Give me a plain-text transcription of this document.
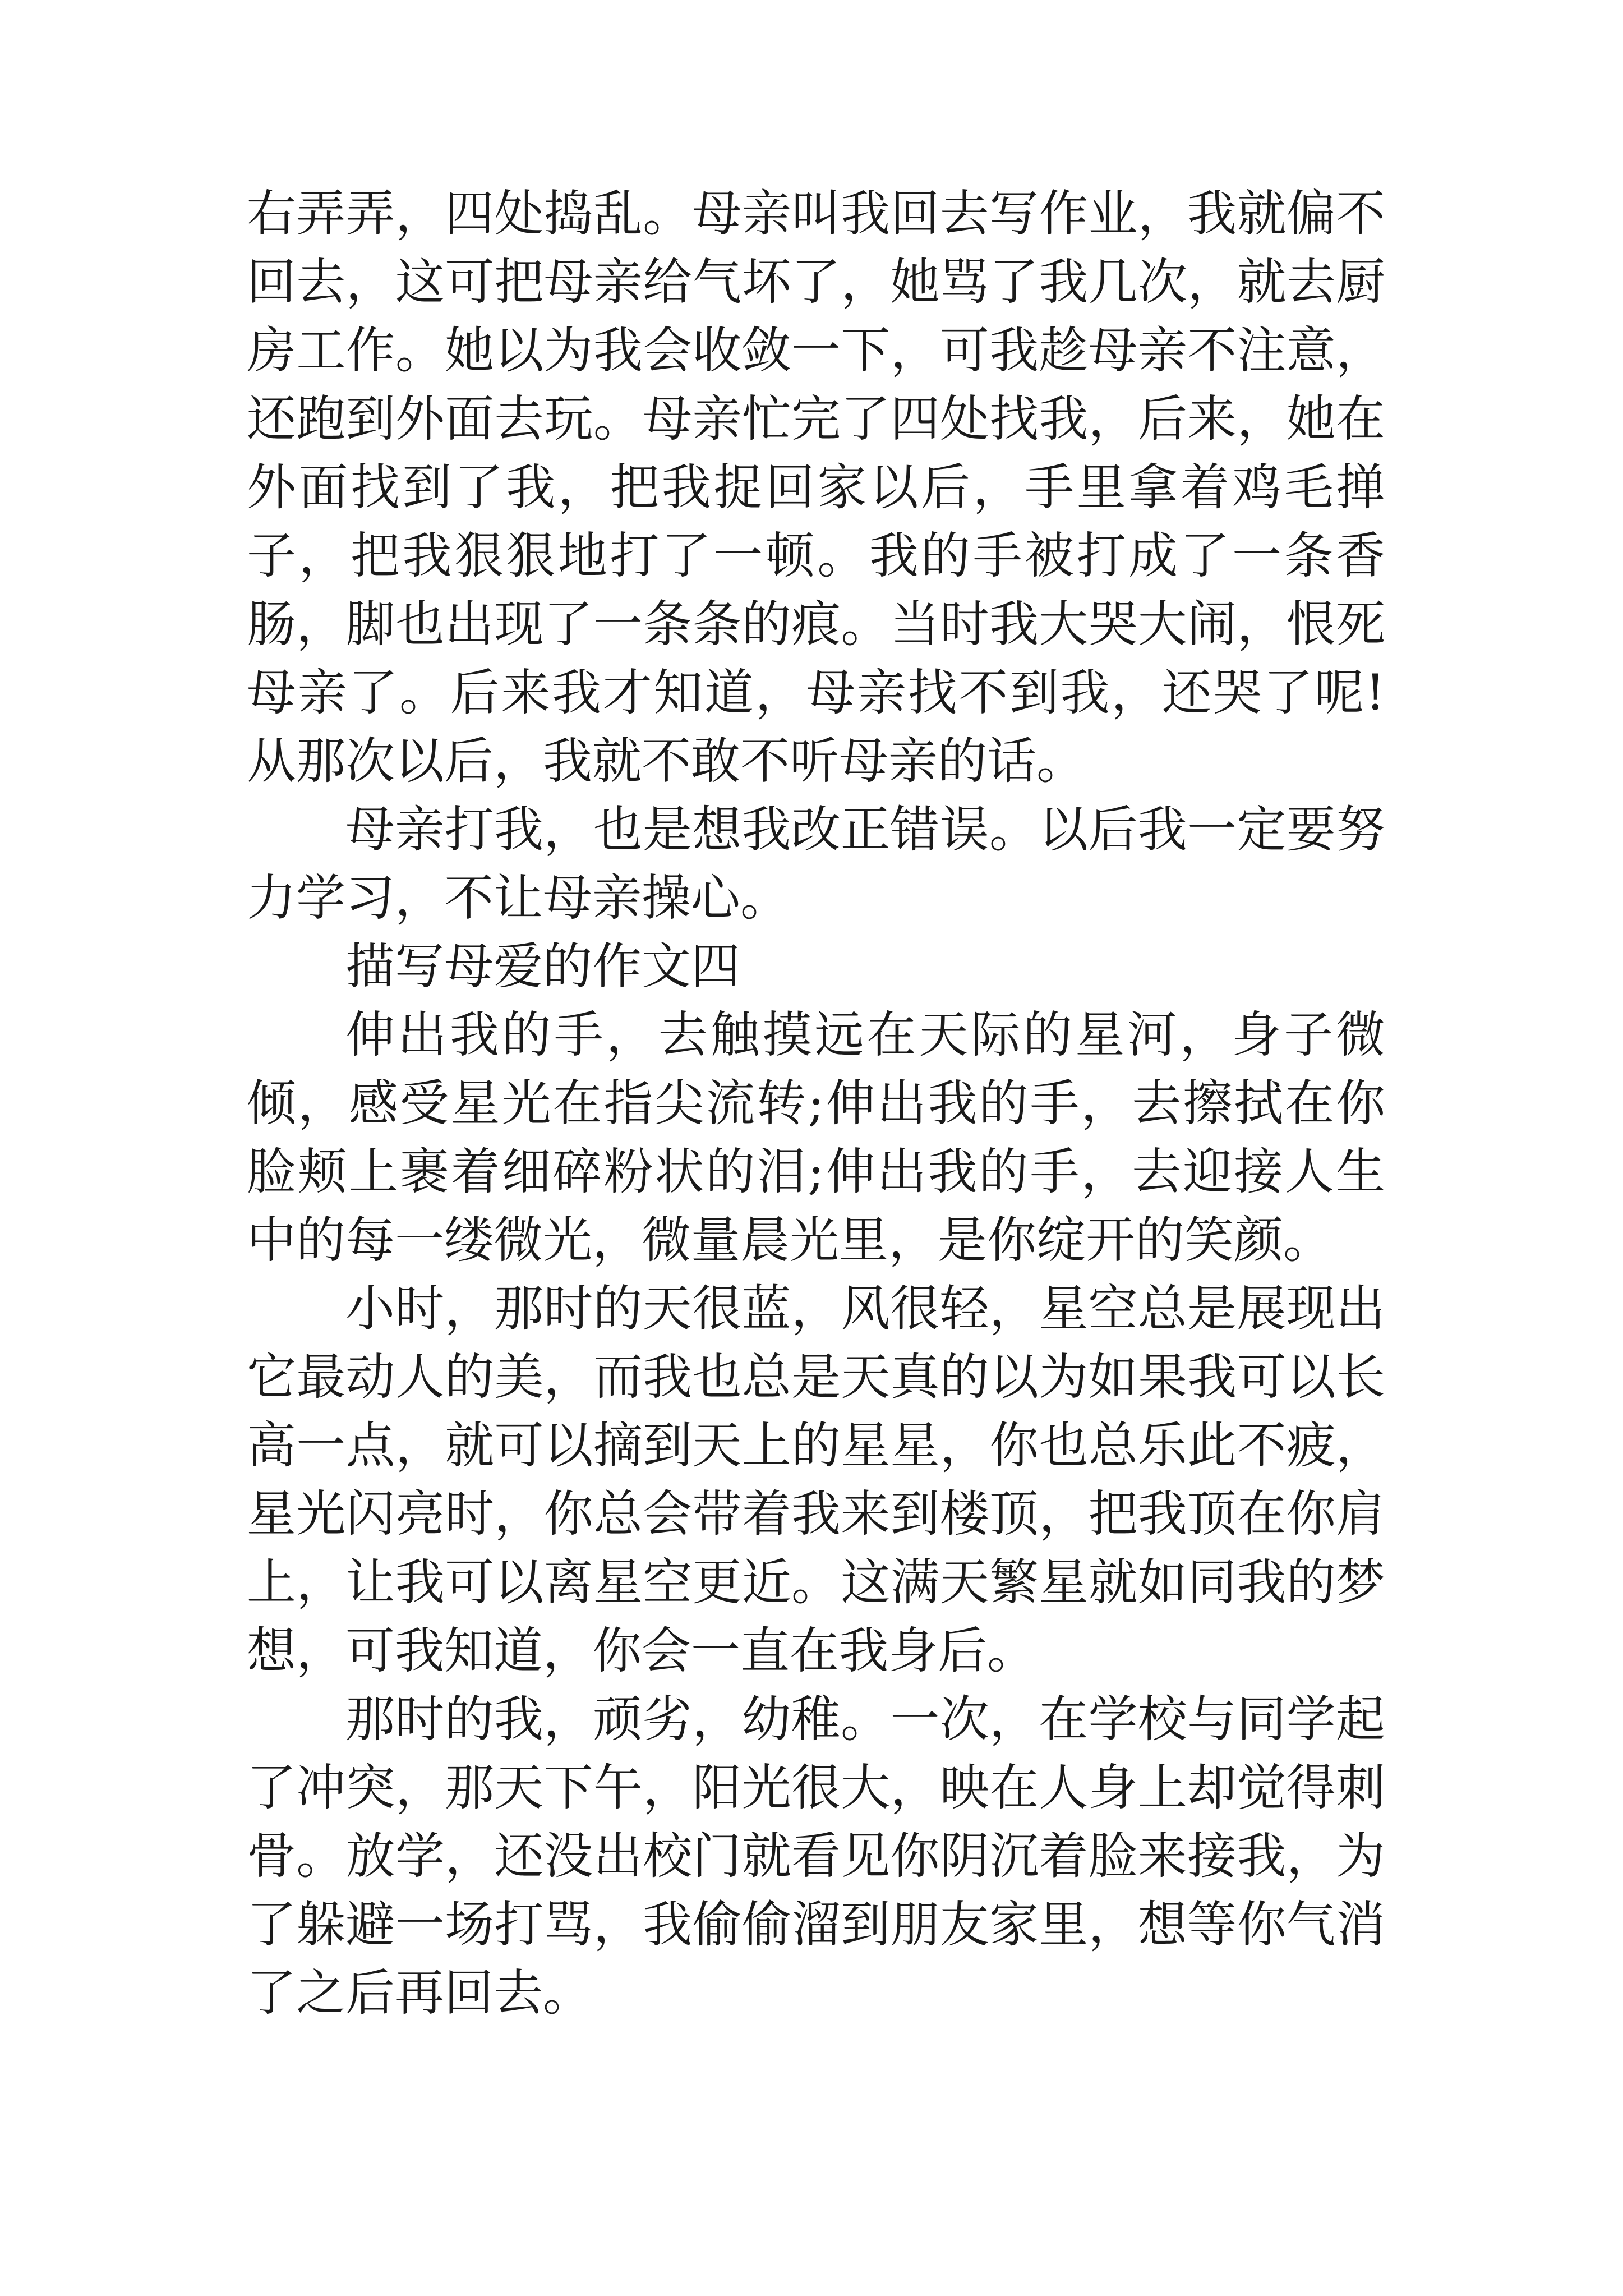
右弄弄，四处捣乱。母亲叫我回去写作业，我就偏不回去，这可把母亲给气坏了，她骂了我几次，就去厨房工作。她以为我会收敛一下，可我趁母亲不注意，还跑到外面去玩。母亲忙完了四处找我，后来，她在外面找到了我，把我捉回家以后，手里拿着鸡毛掸子，把我狠狠地打了一顿。我的手被打成了一条香肠，脚也出现了一条条的痕。当时我大哭大闹，恨死母亲了。后来我才知道，母亲找不到我，还哭了呢!从那次以后，我就不敢不听母亲的话。

母亲打我，也是想我改正错误。以后我一定要努力学习，不让母亲操心。

描写母爱的作文四

伸出我的手，去触摸远在天际的星河，身子微倾，感受星光在指尖流转;伸出我的手，去擦拭在你脸颊上裹着细碎粉状的泪;伸出我的手，去迎接人生中的每一缕微光，微量晨光里，是你绽开的笑颜。

小时，那时的天很蓝，风很轻，星空总是展现出它最动人的美，而我也总是天真的以为如果我可以长高一点，就可以摘到天上的星星，你也总乐此不疲，星光闪亮时，你总会带着我来到楼顶，把我顶在你肩上，让我可以离星空更近。这满天繁星就如同我的梦想，可我知道，你会一直在我身后。

那时的我，顽劣，幼稚。一次，在学校与同学起了冲突，那天下午，阳光很大，映在人身上却觉得刺骨。放学，还没出校门就看见你阴沉着脸来接我，为了躲避一场打骂，我偷偷溜到朋友家里，想等你气消了之后再回去。
